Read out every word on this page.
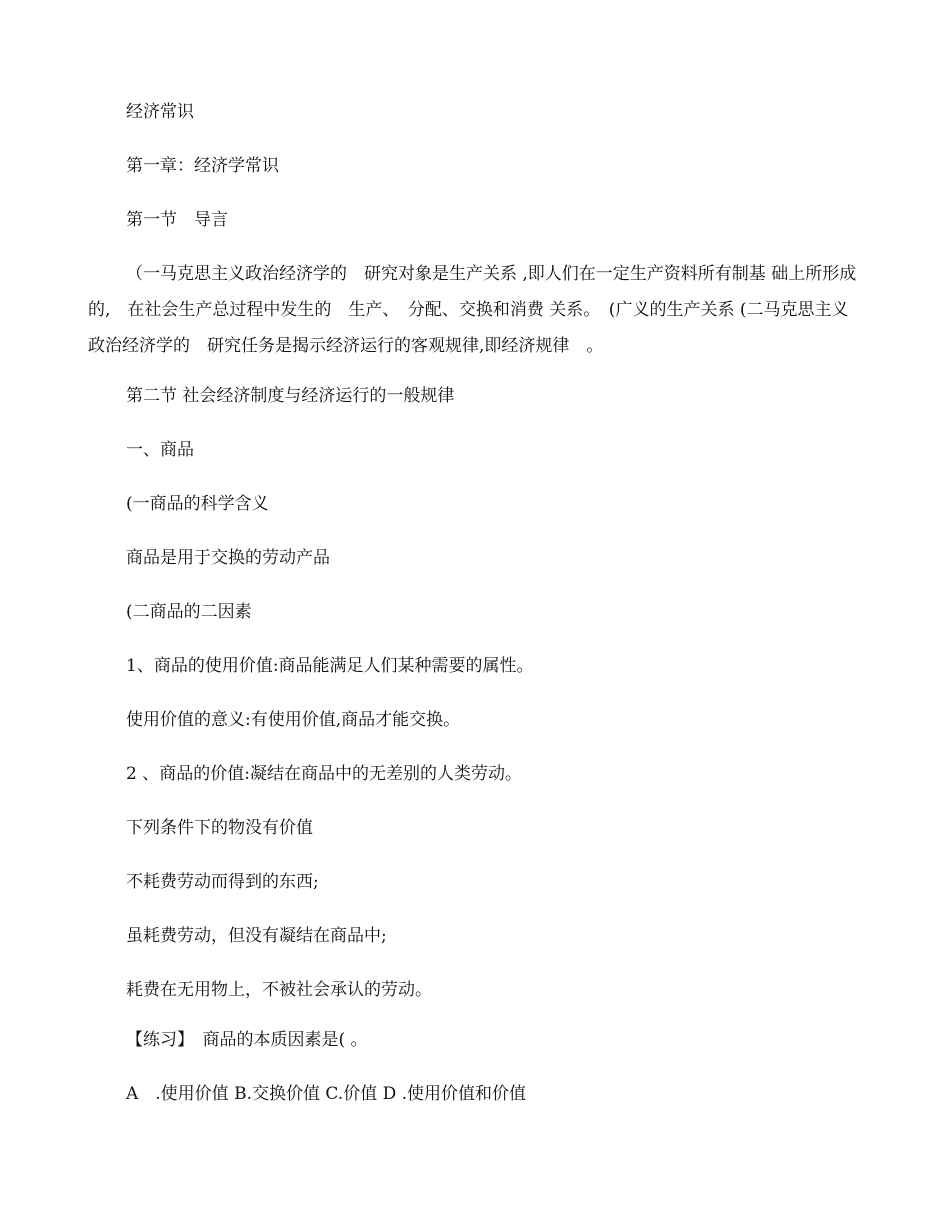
经济常识
第一章：经济学常识
第一节　导言
（一马克思主义政治经济学的　研究对象是生产关系 ,即人们在一定生产资料所有制基 础上所形成的,　在社会生产总过程中发生的　生产、　分配、交换和消费 关系。　(广义的生产关系 (二马克思主义政治经济学的　研究任务是揭示经济运行的客观规律,即经济规律　。
第二节 社会经济制度与经济运行的一般规律
一、商品
(一商品的科学含义
商品是用于交换的劳动产品
(二商品的二因素
1、商品的使用价值:商品能满足人们某种需要的属性。
使用价值的意义:有使用价值,商品才能交换。
2 、商品的价值:凝结在商品中的无差别的人类劳动。
下列条件下的物没有价值
不耗费劳动而得到的东西;
虽耗费劳动，但没有凝结在商品中;
耗费在无用物上，不被社会承认的劳动。
【练习】　商品的本质因素是( 。
A　.使用价值 B.交换价值 C.价值 D .使用价值和价值
